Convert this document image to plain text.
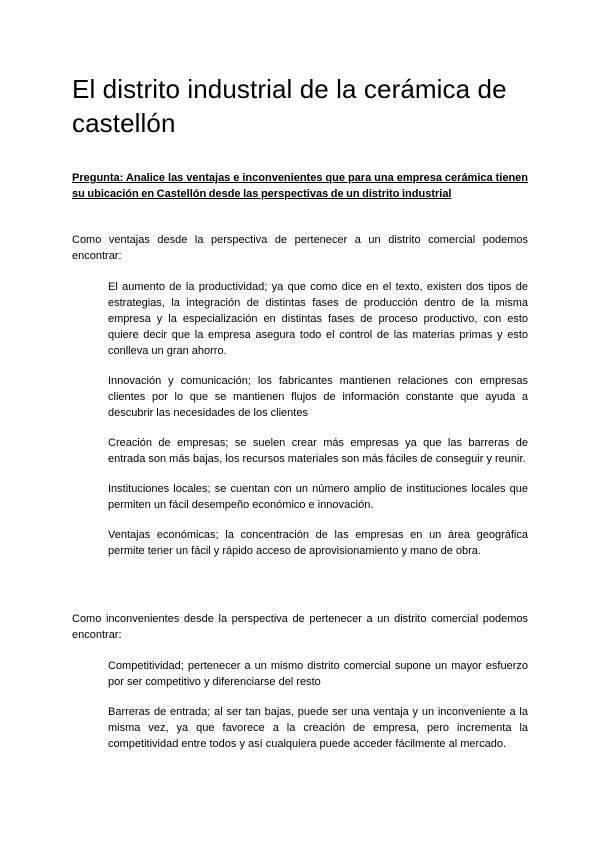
El distrito industrial de la cerámica de castellón

Pregunta: Analice las ventajas e inconvenientes que para una empresa cerámica tienen su ubicación en Castellón desde las perspectivas de un distrito industrial

Como ventajas desde la perspectiva de pertenecer a un distrito comercial podemos encontrar:

El aumento de la productividad; ya que como dice en el texto, existen dos tipos de estrategias, la integración de distintas fases de producción dentro de la misma empresa y la especialización en distintas fases de proceso productivo, con esto quiere decir que la empresa asegura todo el control de las materias primas y esto conlleva un gran ahorro.

Innovación y comunicación; los fabricantes mantienen relaciones con empresas clientes por lo que se mantienen flujos de información constante que ayuda a descubrir las necesidades de los clientes

Creación de empresas; se suelen crear más empresas ya que las barreras de entrada son más bajas, los recursos materiales son más fáciles de conseguir y reunir.

Instituciones locales; se cuentan con un número amplio de instituciones locales que permiten un fácil desempeño económico e innovación.

Ventajas económicas; la concentración de las empresas en un área geográfica permite tener un fácil y rápido acceso de aprovisionamiento y mano de obra.

Como inconvenientes desde la perspectiva de pertenecer a un distrito comercial podemos encontrar:

Competitividad; pertenecer a un mismo distrito comercial supone un mayor esfuerzo por ser competitivo y diferenciarse del resto

Barreras de entrada; al ser tan bajas, puede ser una ventaja y un inconveniente a la misma vez, ya que favorece a la creación de empresa, pero incrementa la competitividad entre todos y así cualquiera puede acceder fácilmente al mercado.
